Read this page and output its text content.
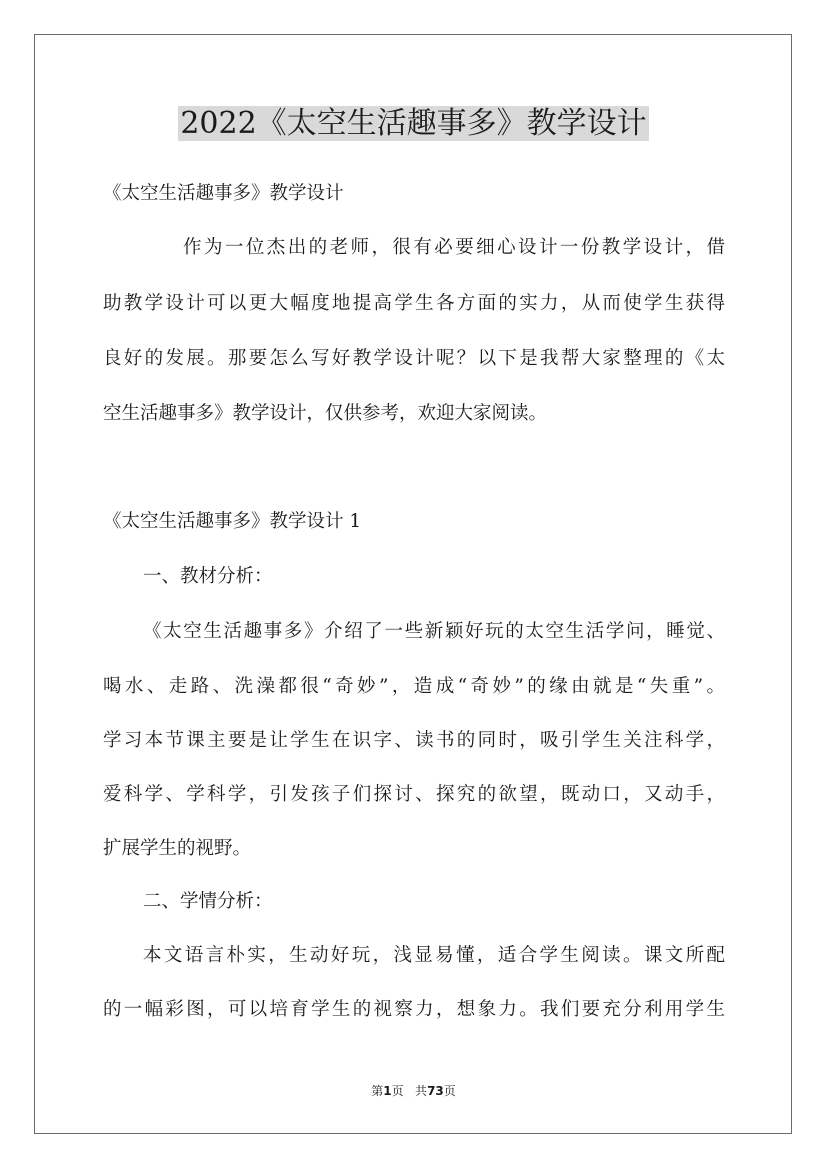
2022《太空生活趣事多》教学设计
《太空生活趣事多》教学设计
作为一位杰出的老师，很有必要细心设计一份教学设计，借
助教学设计可以更大幅度地提高学生各方面的实力，从而使学生获得
良好的发展。那要怎么写好教学设计呢？以下是我帮大家整理的《太
空生活趣事多》教学设计，仅供参考，欢迎大家阅读。
《太空生活趣事多》教学设计 1
一、教材分析：
《太空生活趣事多》介绍了一些新颖好玩的太空生活学问，睡觉、
喝水、走路、洗澡都很“奇妙”，造成“奇妙”的缘由就是“失重”。
学习本节课主要是让学生在识字、读书的同时，吸引学生关注科学，
爱科学、学科学，引发孩子们探讨、探究的欲望，既动口，又动手，
扩展学生的视野。
二、学情分析：
本文语言朴实，生动好玩，浅显易懂，适合学生阅读。课文所配
的一幅彩图，可以培育学生的视察力，想象力。我们要充分利用学生
第1页 共73页
